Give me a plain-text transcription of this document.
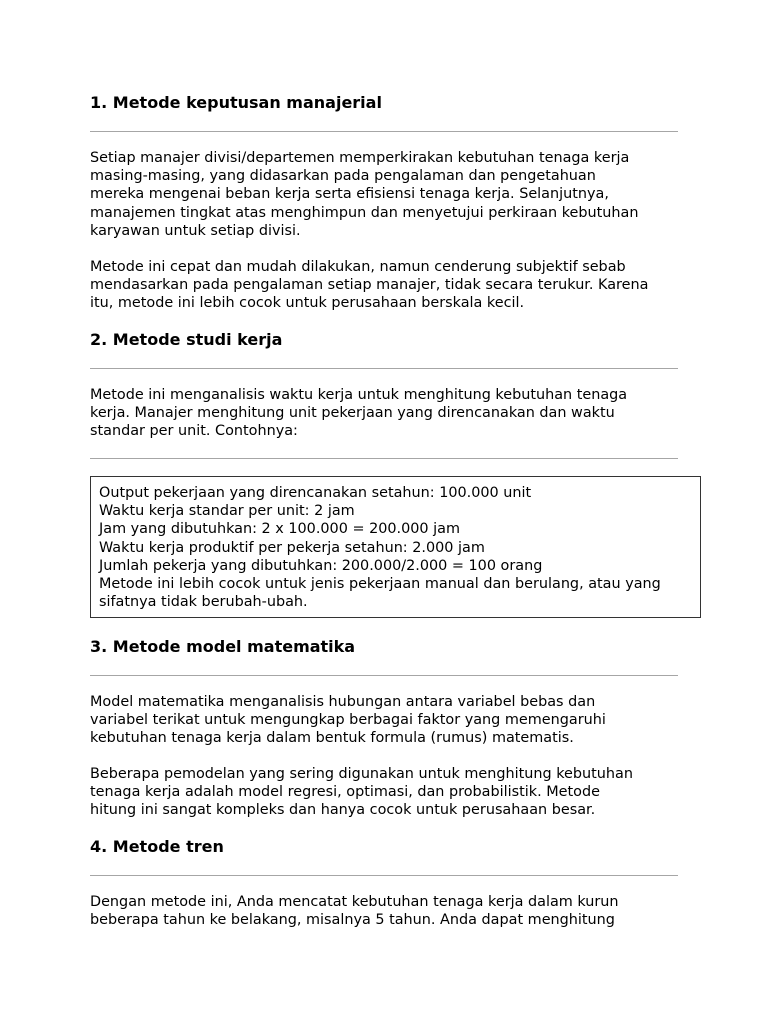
1. Metode keputusan manajerial

Setiap manajer divisi/departemen memperkirakan kebutuhan tenaga kerja
masing-masing, yang didasarkan pada pengalaman dan pengetahuan
mereka mengenai beban kerja serta efisiensi tenaga kerja. Selanjutnya,
manajemen tingkat atas menghimpun dan menyetujui perkiraan kebutuhan
karyawan untuk setiap divisi.

Metode ini cepat dan mudah dilakukan, namun cenderung subjektif sebab
mendasarkan pada pengalaman setiap manajer, tidak secara terukur. Karena
itu, metode ini lebih cocok untuk perusahaan berskala kecil.

2. Metode studi kerja

Metode ini menganalisis waktu kerja untuk menghitung kebutuhan tenaga
kerja. Manajer menghitung unit pekerjaan yang direncanakan dan waktu
standar per unit. Contohnya:

Output pekerjaan yang direncanakan setahun: 100.000 unit
Waktu kerja standar per unit: 2 jam
Jam yang dibutuhkan: 2 x 100.000 = 200.000 jam
Waktu kerja produktif per pekerja setahun: 2.000 jam
Jumlah pekerja yang dibutuhkan: 200.000/2.000 = 100 orang
Metode ini lebih cocok untuk jenis pekerjaan manual dan berulang, atau yang
sifatnya tidak berubah-ubah.
3. Metode model matematika

Model matematika menganalisis hubungan antara variabel bebas dan
variabel terikat untuk mengungkap berbagai faktor yang memengaruhi
kebutuhan tenaga kerja dalam bentuk formula (rumus) matematis.

Beberapa pemodelan yang sering digunakan untuk menghitung kebutuhan
tenaga kerja adalah model regresi, optimasi, dan probabilistik. Metode
hitung ini sangat kompleks dan hanya cocok untuk perusahaan besar.

4. Metode tren

Dengan metode ini, Anda mencatat kebutuhan tenaga kerja dalam kurun
beberapa tahun ke belakang, misalnya 5 tahun. Anda dapat menghitung
